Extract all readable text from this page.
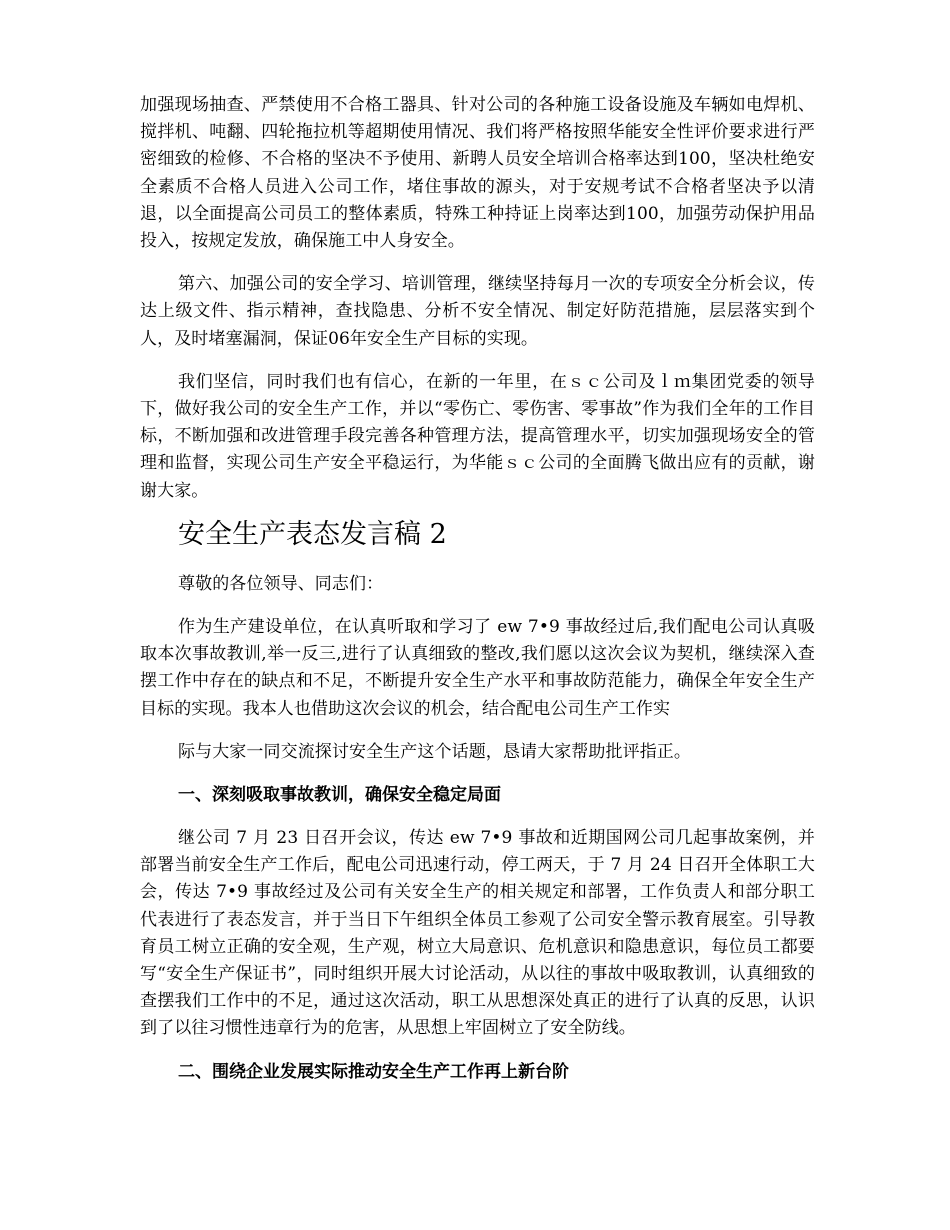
加强现场抽查、严禁使用不合格工器具、针对公司的各种施工设备设施及车辆如电焊机、搅拌机、吨翻、四轮拖拉机等超期使用情况、我们将严格按照华能安全性评价要求进行严密细致的检修、不合格的坚决不予使用、新聘人员安全培训合格率达到100，坚决杜绝安全素质不合格人员进入公司工作，堵住事故的源头，对于安规考试不合格者坚决予以清退，以全面提高公司员工的整体素质，特殊工种持证上岗率达到100，加强劳动保护用品投入，按规定发放，确保施工中人身安全。

第六、加强公司的安全学习、培训管理，继续坚持每月一次的专项安全分析会议，传达上级文件、指示精神，查找隐患、分析不安全情况、制定好防范措施，层层落实到个人，及时堵塞漏洞，保证06年安全生产目标的实现。

我们坚信，同时我们也有信心，在新的一年里，在ｓｃ公司及ｌｍ集团党委的领导下，做好我公司的安全生产工作，并以“零伤亡、零伤害、零事故”作为我们全年的工作目标，不断加强和改进管理手段完善各种管理方法，提高管理水平，切实加强现场安全的管理和监督，实现公司生产安全平稳运行，为华能ｓｃ公司的全面腾飞做出应有的贡献，谢谢大家。

安全生产表态发言稿 2

尊敬的各位领导、同志们：

作为生产建设单位，在认真听取和学习了 ew 7•9 事故经过后,我们配电公司认真吸取本次事故教训,举一反三,进行了认真细致的整改,我们愿以这次会议为契机，继续深入查摆工作中存在的缺点和不足，不断提升安全生产水平和事故防范能力，确保全年安全生产目标的实现。我本人也借助这次会议的机会，结合配电公司生产工作实

际与大家一同交流探讨安全生产这个话题，恳请大家帮助批评指正。

一、深刻吸取事故教训，确保安全稳定局面

继公司 7 月 23 日召开会议，传达 ew 7•9 事故和近期国网公司几起事故案例，并部署当前安全生产工作后，配电公司迅速行动，停工两天，于 7 月 24 日召开全体职工大会，传达 7•9 事故经过及公司有关安全生产的相关规定和部署，工作负责人和部分职工代表进行了表态发言，并于当日下午组织全体员工参观了公司安全警示教育展室。引导教育员工树立正确的安全观，生产观，树立大局意识、危机意识和隐患意识，每位员工都要写“安全生产保证书”，同时组织开展大讨论活动，从以往的事故中吸取教训，认真细致的查摆我们工作中的不足，通过这次活动，职工从思想深处真正的进行了认真的反思，认识到了以往习惯性违章行为的危害，从思想上牢固树立了安全防线。

二、围绕企业发展实际推动安全生产工作再上新台阶
